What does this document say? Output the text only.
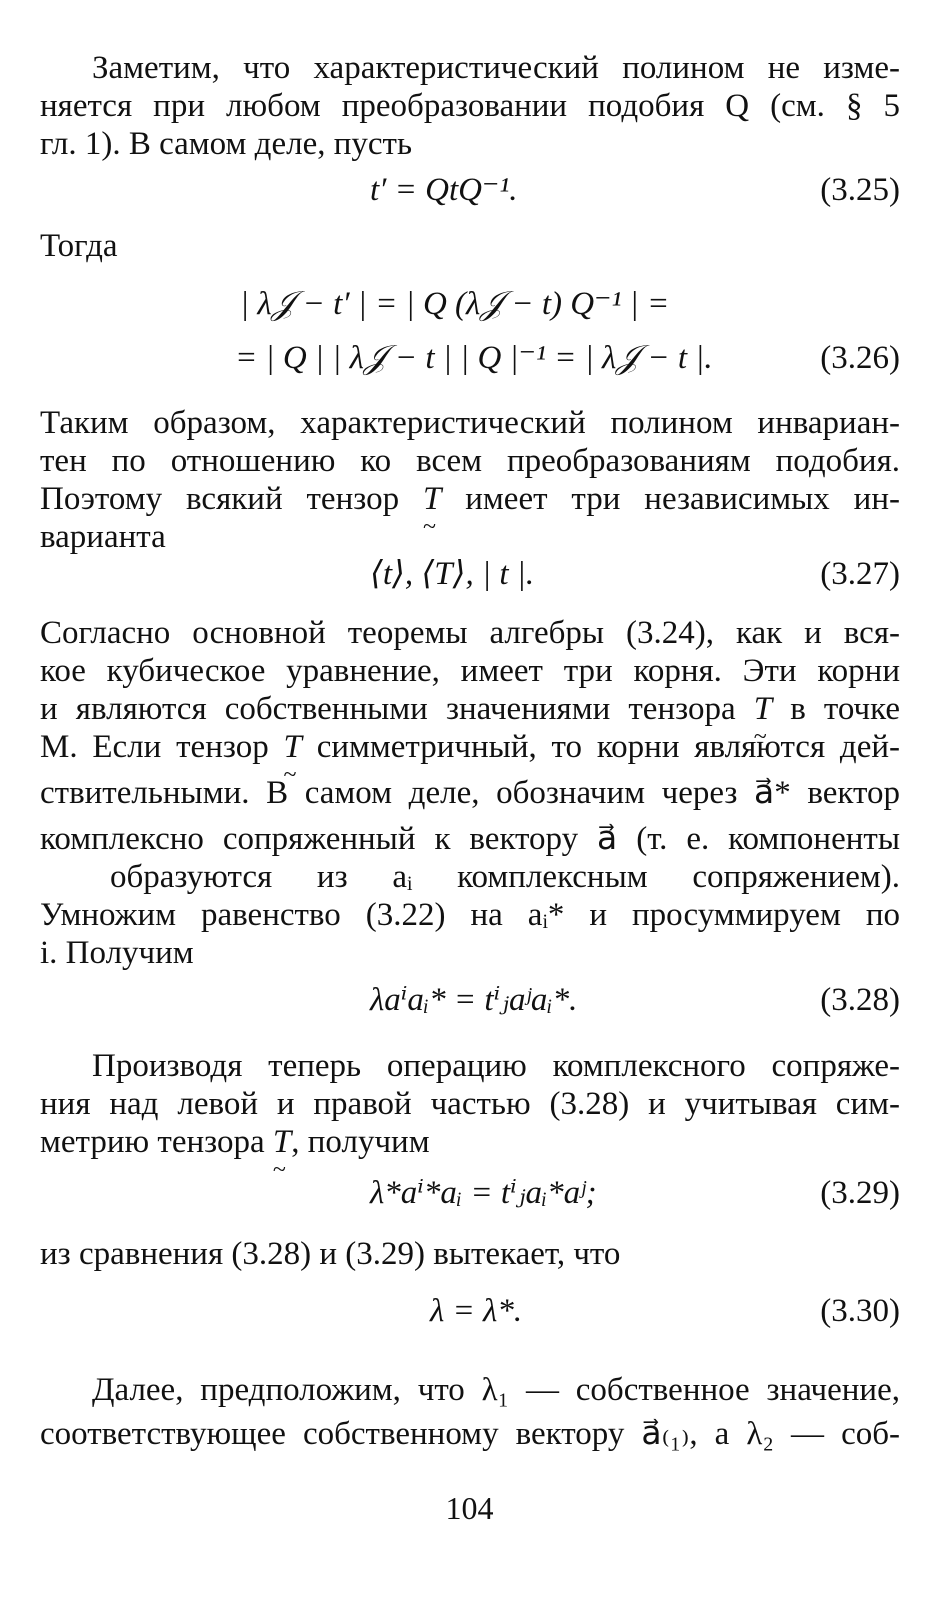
Заметим, что характеристический полином не изме-
няется при любом преобразовании подобия Q (см. § 5
гл. 1). В самом деле, пусть
t′ = QtQ⁻¹.	(3.25)
Тогда
| λ𝒥 − t′ | = | Q (λ𝒥 − t) Q⁻¹ | =
= | Q | | λ𝒥 − t | | Q |⁻¹ = | λ𝒥 − t |.	(3.26)
Таким образом, характеристический полином инвариан-
тен по отношению ко всем преобразованиям подобия.
Поэтому всякий тензор T ~ имеет три независимых ин-
варианта
⟨t⟩, ⟨T⟩, | t |.	(3.27)
Согласно основной теоремы алгебры (3.24), как и вся-
кое кубическое уравнение, имеет три корня. Эти корни
и являются собственными значениями тензора T ~ в точке
M. Если тензор T ~ симметричный, то корни являются дей-
ствительными. В самом деле, обозначим через a⃗* вектор
комплексно сопряженный к вектору a⃗ (т. е. компоненты
образуются из aᵢ комплексным сопряжением).
Умножим равенство (3.22) на aᵢ* и просуммируем по
i. Получим
λaⁱaᵢ* = tⁱⱼaʲaᵢ*.	(3.28)
Производя теперь операцию комплексного сопряже-
ния над левой и правой частью (3.28) и учитывая сим-
метрию тензора T ~, получим
λ*aⁱ*aᵢ = tⁱⱼaᵢ*aʲ;	(3.29)
из сравнения (3.28) и (3.29) вытекает, что
λ = λ*.	(3.30)
Далее, предположим, что λ₁ — собственное значение,
соответствующее собственному вектору a⃗₍₁₎, а λ₂ — соб-
104
